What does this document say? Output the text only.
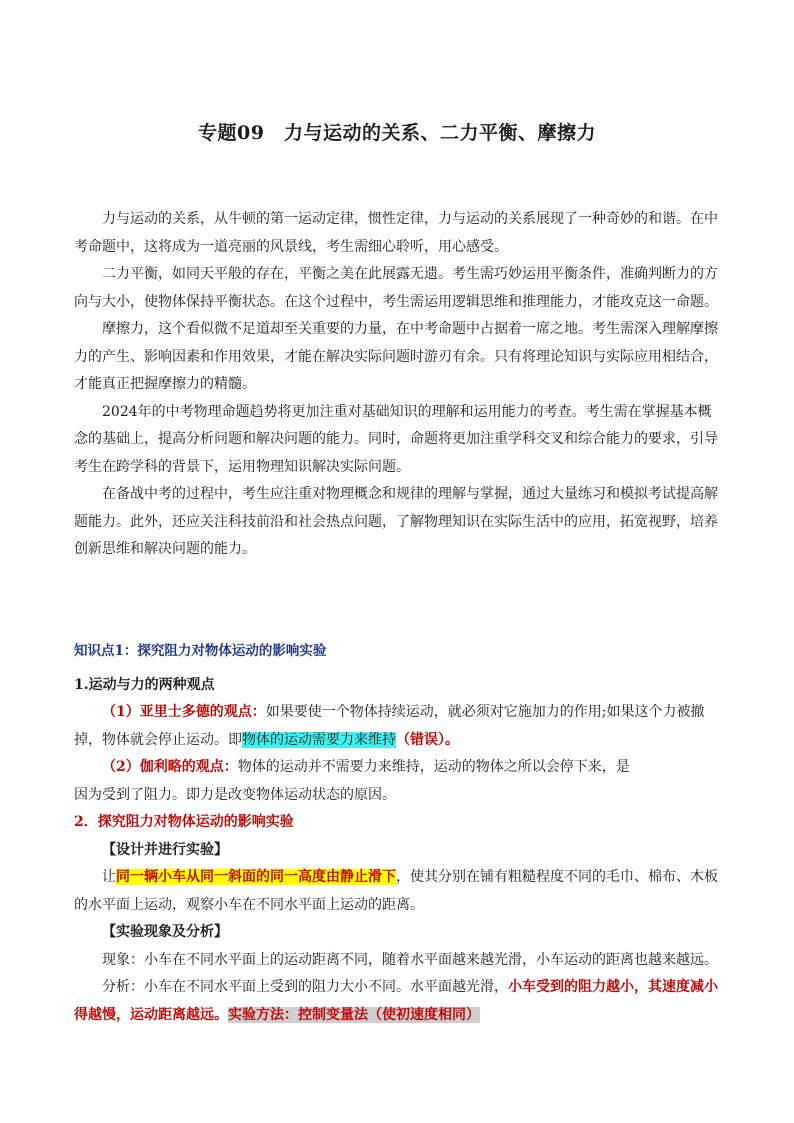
专题09　力与运动的关系、二力平衡、摩擦力

力与运动的关系，从牛顿的第一运动定律，惯性定律，力与运动的关系展现了一种奇妙的和谐。在中考命题中，这将成为一道亮丽的风景线，考生需细心聆听，用心感受。

二力平衡，如同天平般的存在，平衡之美在此展露无遗。考生需巧妙运用平衡条件，准确判断力的方向与大小，使物体保持平衡状态。在这个过程中，考生需运用逻辑思维和推理能力，才能攻克这一命题。

摩擦力，这个看似微不足道却至关重要的力量，在中考命题中占据着一席之地。考生需深入理解摩擦力的产生、影响因素和作用效果，才能在解决实际问题时游刃有余。只有将理论知识与实际应用相结合，才能真正把握摩擦力的精髓。

2024年的中考物理命题趋势将更加注重对基础知识的理解和运用能力的考查。考生需在掌握基本概念的基础上，提高分析问题和解决问题的能力。同时，命题将更加注重学科交叉和综合能力的要求，引导考生在跨学科的背景下，运用物理知识解决实际问题。

在备战中考的过程中，考生应注重对物理概念和规律的理解与掌握，通过大量练习和模拟考试提高解题能力。此外，还应关注科技前沿和社会热点问题，了解物理知识在实际生活中的应用，拓宽视野，培养创新思维和解决问题的能力。

知识点1：探究阻力对物体运动的影响实验
1.运动与力的两种观点

（1）亚里士多德的观点：如果要使一个物体持续运动，就必须对它施加力的作用;如果这个力被撤掉，物体就会停止运动。即物体的运动需要力来维持（错误）。

（2）伽利略的观点：物体的运动并不需要力来维持，运动的物体之所以会停下来，是

因为受到了阻力。即力是改变物体运动状态的原因。

2．探究阻力对物体运动的影响实验

【设计并进行实验】

让同一辆小车从同一斜面的同一高度由静止滑下，使其分别在铺有粗糙程度不同的毛巾、棉布、木板的水平面上运动，观察小车在不同水平面上运动的距离。

【实验现象及分析】

现象：小车在不同水平面上的运动距离不同，随着水平面越来越光滑，小车运动的距离也越来越远。

分析：小车在不同水平面上受到的阻力大小不同。水平面越光滑，小车受到的阻力越小，其速度减小得越慢，运动距离越远。实验方法：控制变量法（使初速度相同）
